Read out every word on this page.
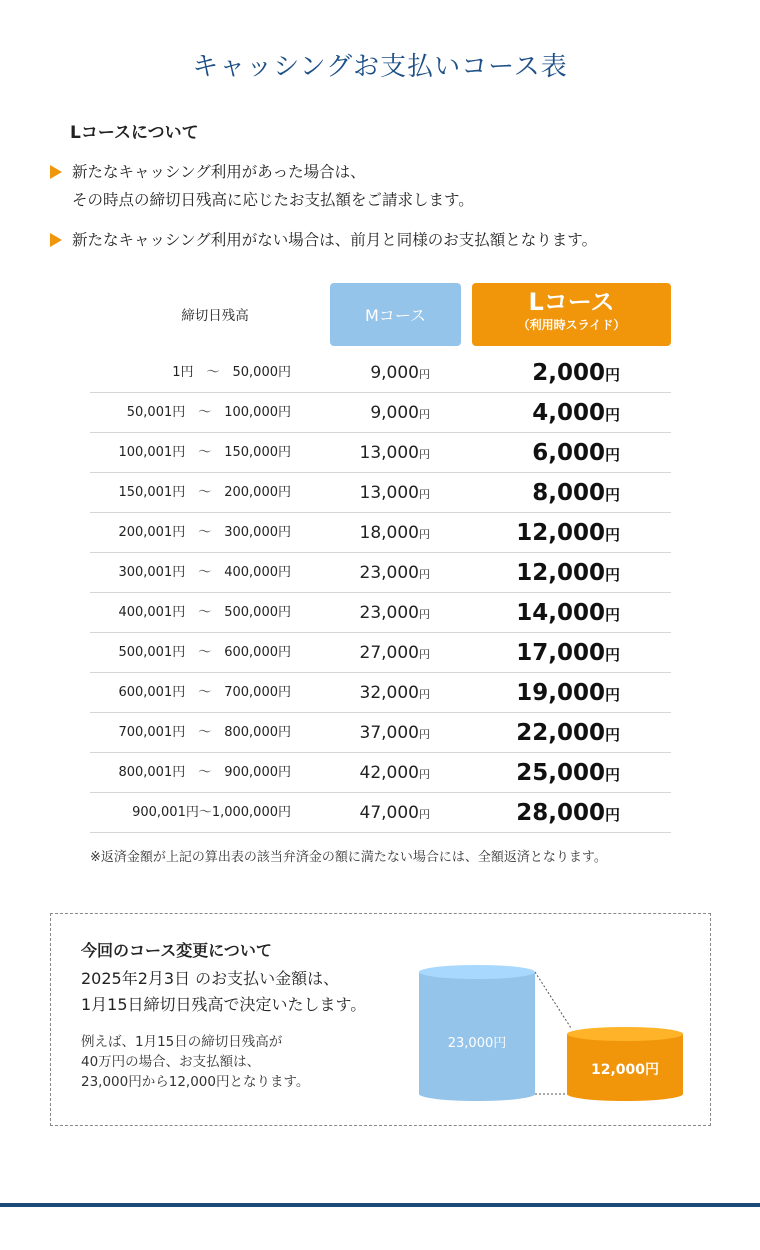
キャッシングお支払いコース表
Lコースについて
新たなキャッシング利用があった場合は、
その時点の締切日残高に応じたお支払額をご請求します。
新たなキャッシング利用がない場合は、前月と同様のお支払額となります。
締切日残高	Mコース	Lコース
（利用時スライド）
1円　～　50,000円	9,000円	2,000円
50,001円　～　100,000円	9,000円	4,000円
100,001円　～　150,000円	13,000円	6,000円
150,001円　～　200,000円	13,000円	8,000円
200,001円　～　300,000円	18,000円	12,000円
300,001円　～　400,000円	23,000円	12,000円
400,001円　～　500,000円	23,000円	14,000円
500,001円　～　600,000円	27,000円	17,000円
600,001円　～　700,000円	32,000円	19,000円
700,001円　～　800,000円	37,000円	22,000円
800,001円　～　900,000円	42,000円	25,000円
900,001円～1,000,000円	47,000円	28,000円
※返済金額が上記の算出表の該当弁済金の額に満たない場合には、全額返済となります。
今回のコース変更について
2025年2月3日 のお支払い金額は、
1月15日締切日残高で決定いたします。
例えば、1月15日の締切日残高が
40万円の場合、お支払額は、
23,000円から12,000円となります。
23,000円
12,000円
